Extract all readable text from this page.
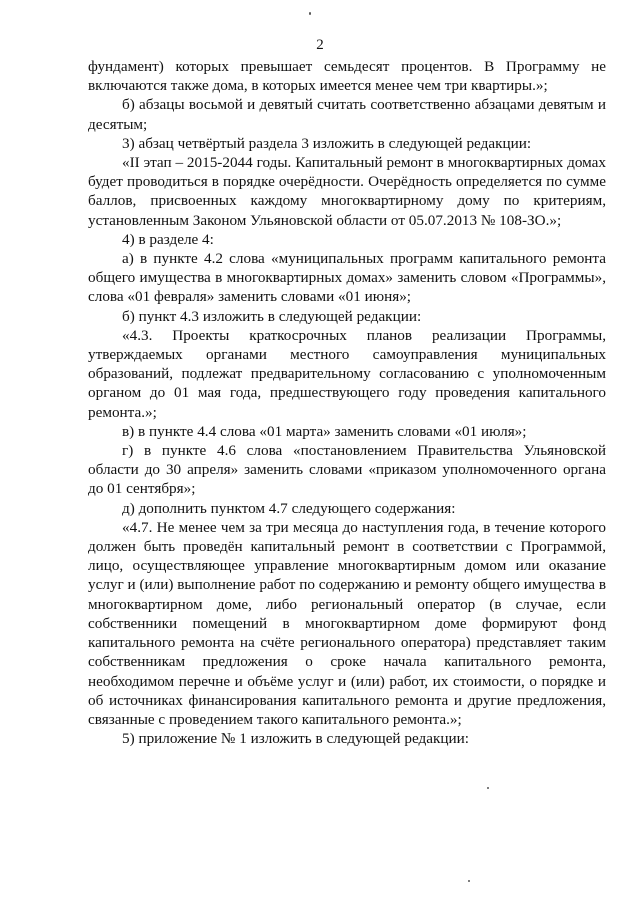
2

фундамент) которых превышает семьдесят процентов. В Программу не включаются также дома, в которых имеется менее чем три квартиры.»;

б) абзацы восьмой и девятый считать соответственно абзацами девятым и десятым;

3) абзац четвёртый раздела 3 изложить в следующей редакции:

«II этап – 2015-2044 годы. Капитальный ремонт в многоквартирных домах будет проводиться в порядке очерёдности. Очерёдность определяется по сумме баллов, присвоенных каждому многоквартирному дому по критериям, установленным Законом Ульяновской области от 05.07.2013 № 108-ЗО.»;

4) в разделе 4:

а) в пункте 4.2 слова «муниципальных программ капитального ремонта общего имущества в многоквартирных домах» заменить словом «Программы», слова «01 февраля» заменить словами «01 июня»;

б) пункт 4.3 изложить в следующей редакции:

«4.3. Проекты краткосрочных планов реализации Программы, утверждаемых органами местного самоуправления муниципальных образований, подлежат предварительному согласованию с уполномоченным органом до 01 мая года, предшествующего году проведения капитального ремонта.»;

в) в пункте 4.4 слова «01 марта» заменить словами «01 июля»;

г) в пункте 4.6 слова «постановлением Правительства Ульяновской области до 30 апреля» заменить словами «приказом уполномоченного органа до 01 сентября»;

д) дополнить пунктом 4.7 следующего содержания:

«4.7. Не менее чем за три месяца до наступления года, в течение которого должен быть проведён капитальный ремонт в соответствии с Программой, лицо, осуществляющее управление многоквартирным домом или оказание услуг и (или) выполнение работ по содержанию и ремонту общего имущества в многоквартирном доме, либо региональный оператор (в случае, если собственники помещений в многоквартирном доме формируют фонд капитального ремонта на счёте регионального оператора) представляет таким собственникам предложения о сроке начала капитального ремонта, необходимом перечне и объёме услуг и (или) работ, их стоимости, о порядке и об источниках финансирования капитального ремонта и другие предложения, связанные с проведением такого капитального ремонта.»;

5) приложение № 1 изложить в следующей редакции:
